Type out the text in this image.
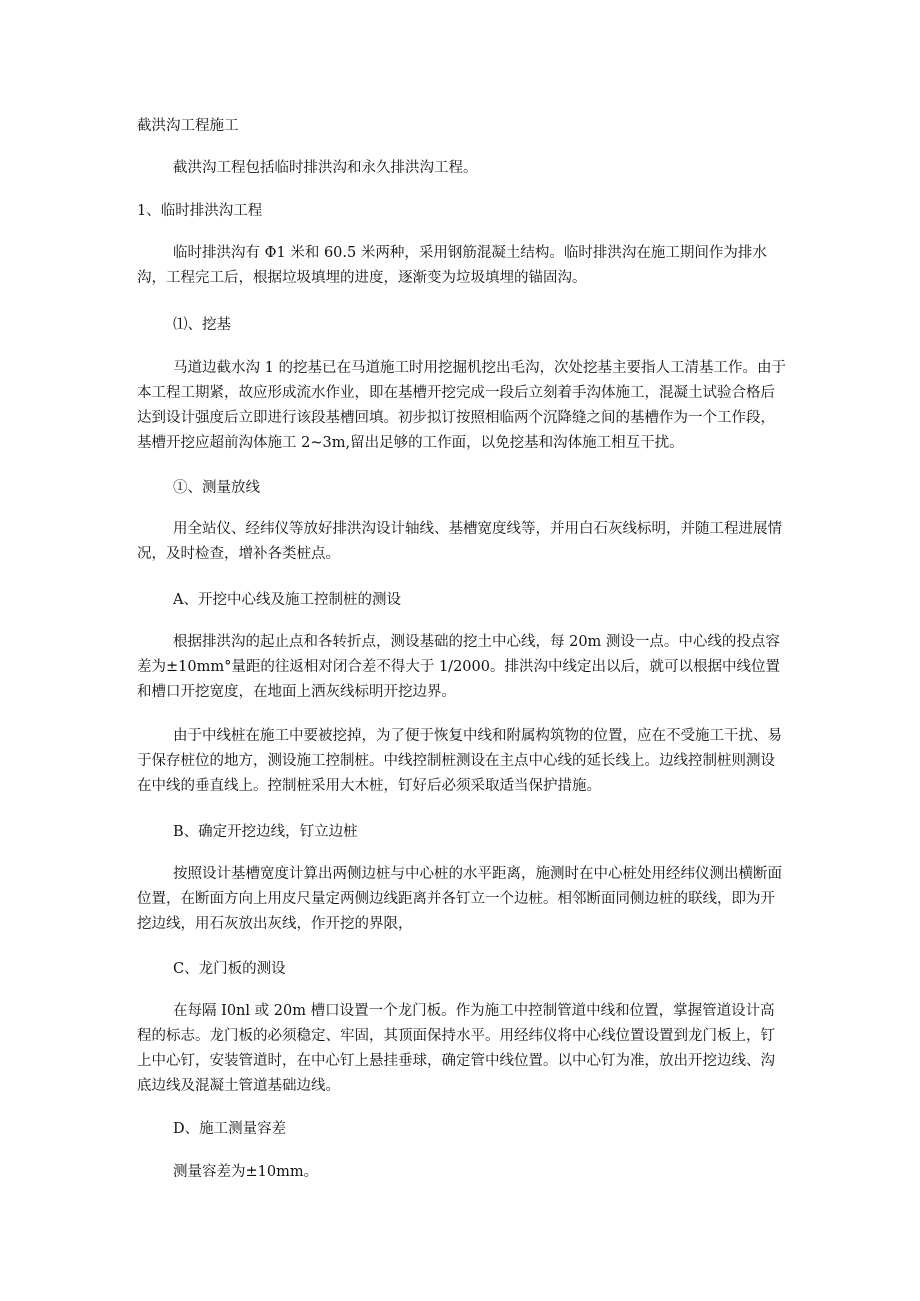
截洪沟工程施工

截洪沟工程包括临时排洪沟和永久排洪沟工程。

1、临时排洪沟工程

临时排洪沟有 Φ1 米和 60.5 米两种，采用钢筋混凝土结构。临时排洪沟在施工期间作为排水沟，工程完工后，根据垃圾填埋的进度，逐渐变为垃圾填埋的锚固沟。

⑴、挖基

马道边截水沟 1 的挖基已在马道施工时用挖掘机挖出毛沟，次处挖基主要指人工清基工作。由于本工程工期紧，故应形成流水作业，即在基槽开挖完成一段后立刻着手沟体施工，混凝土试验合格后达到设计强度后立即进行该段基槽回填。初步拟订按照相临两个沉降缝之间的基槽作为一个工作段，基槽开挖应超前沟体施工 2~3m,留出足够的工作面，以免挖基和沟体施工相互干扰。

①、测量放线

用全站仪、经纬仪等放好排洪沟设计轴线、基槽宽度线等，并用白石灰线标明，并随工程进展情况，及时检查，增补各类桩点。

A、开挖中心线及施工控制桩的测设

根据排洪沟的起止点和各转折点，测设基础的挖土中心线，每 20m 测设一点。中心线的投点容差为±10mm°量距的往返相对闭合差不得大于 1/2000。排洪沟中线定出以后，就可以根据中线位置和槽口开挖宽度，在地面上洒灰线标明开挖边界。

由于中线桩在施工中要被挖掉，为了便于恢复中线和附属构筑物的位置，应在不受施工干扰、易于保存桩位的地方，测设施工控制桩。中线控制桩测设在主点中心线的延长线上。边线控制桩则测设在中线的垂直线上。控制桩采用大木桩，钉好后必须采取适当保护措施。

B、确定开挖边线，钉立边桩

按照设计基槽宽度计算出两侧边桩与中心桩的水平距离，施测时在中心桩处用经纬仪测出横断面位置，在断面方向上用皮尺量定两侧边线距离并各钉立一个边桩。相邻断面同侧边桩的联线，即为开挖边线，用石灰放出灰线，作开挖的界限，

C、龙门板的测设

在每隔 I0nl 或 20m 槽口设置一个龙门板。作为施工中控制管道中线和位置，掌握管道设计高程的标志。龙门板的必须稳定、牢固，其顶面保持水平。用经纬仪将中心线位置设置到龙门板上，钉上中心钉，安装管道时，在中心钉上悬挂垂球，确定管中线位置。以中心钉为准，放出开挖边线、沟底边线及混凝土管道基础边线。

D、施工测量容差

测量容差为±10mm。
